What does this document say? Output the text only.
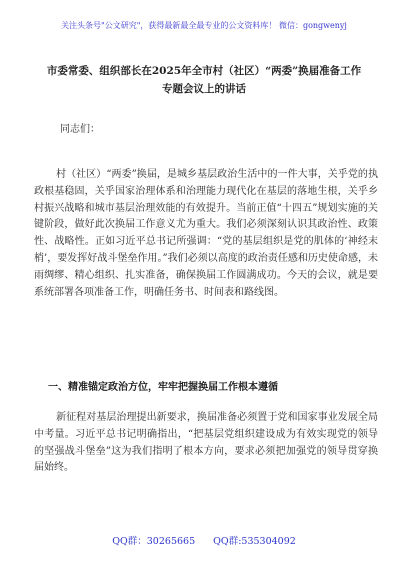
关注头条号"公文研究"，获得最新最全最专业的公文资料库！ 微信：gongwenyj
市委常委、组织部长在2025年全市村（社区）“两委”换届准备工作专题会议上的讲话
同志们：
村（社区）“两委”换届，是城乡基层政治生活中的一件大事，关乎党的执政根基稳固，关乎国家治理体系和治理能力现代化在基层的落地生根，关乎乡村振兴战略和城市基层治理效能的有效提升。当前正值“十四五”规划实施的关键阶段，做好此次换届工作意义尤为重大。我们必须深刻认识其政治性、政策性、战略性。正如习近平总书记所强调：“党的基层组织是党的肌体的‘神经末梢’，要发挥好战斗堡垒作用。”我们必须以高度的政治责任感和历史使命感，未雨绸缪、精心组织、扎实准备，确保换届工作圆满成功。今天的会议，就是要系统部署各项准备工作，明确任务书、时间表和路线图。
一、精准锚定政治方位，牢牢把握换届工作根本遵循
新征程对基层治理提出新要求，换届准备必须置于党和国家事业发展全局中考量。习近平总书记明确指出，“把基层党组织建设成为有效实现党的领导的坚强战斗堡垒”这为我们指明了根本方向，要求必须把加强党的领导贯穿换届始终。
QQ群：30265665 QQ群:535304092
